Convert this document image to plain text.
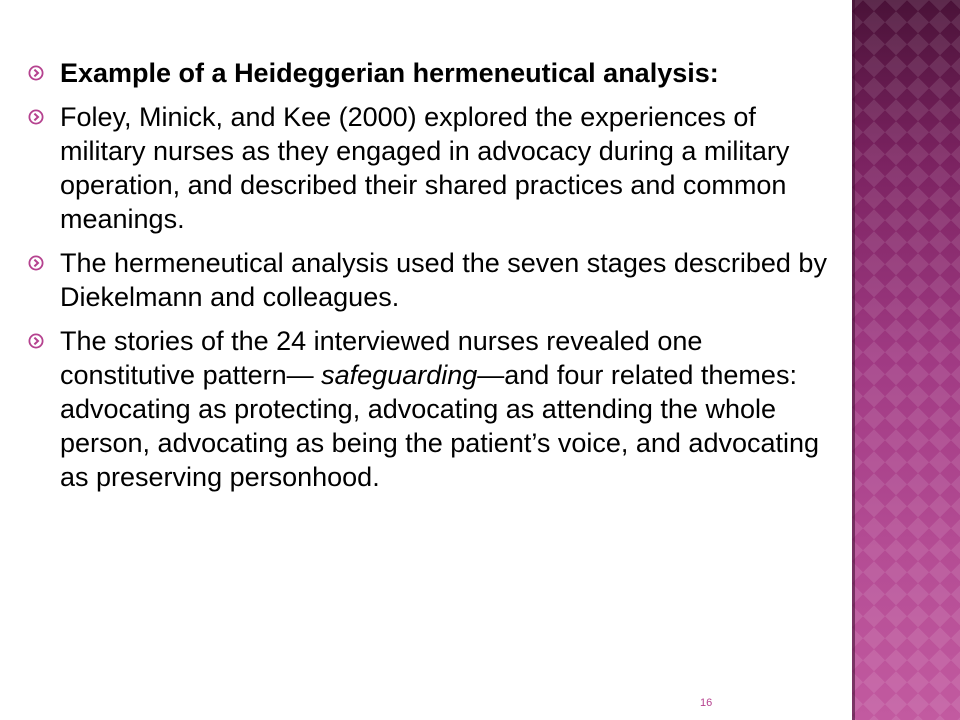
Example of a Heideggerian hermeneutical analysis:
Foley, Minick, and Kee (2000) explored the experiences of military nurses as they engaged in advocacy during a military operation, and described their shared practices and common meanings.
The hermeneutical analysis used the seven stages described by Diekelmann and colleagues.
The stories of the 24 interviewed nurses revealed one constitutive pattern— safeguarding—and four related themes: advocating as protecting, advocating as attending the whole person, advocating as being the patient’s voice, and advocating as preserving personhood.
16
